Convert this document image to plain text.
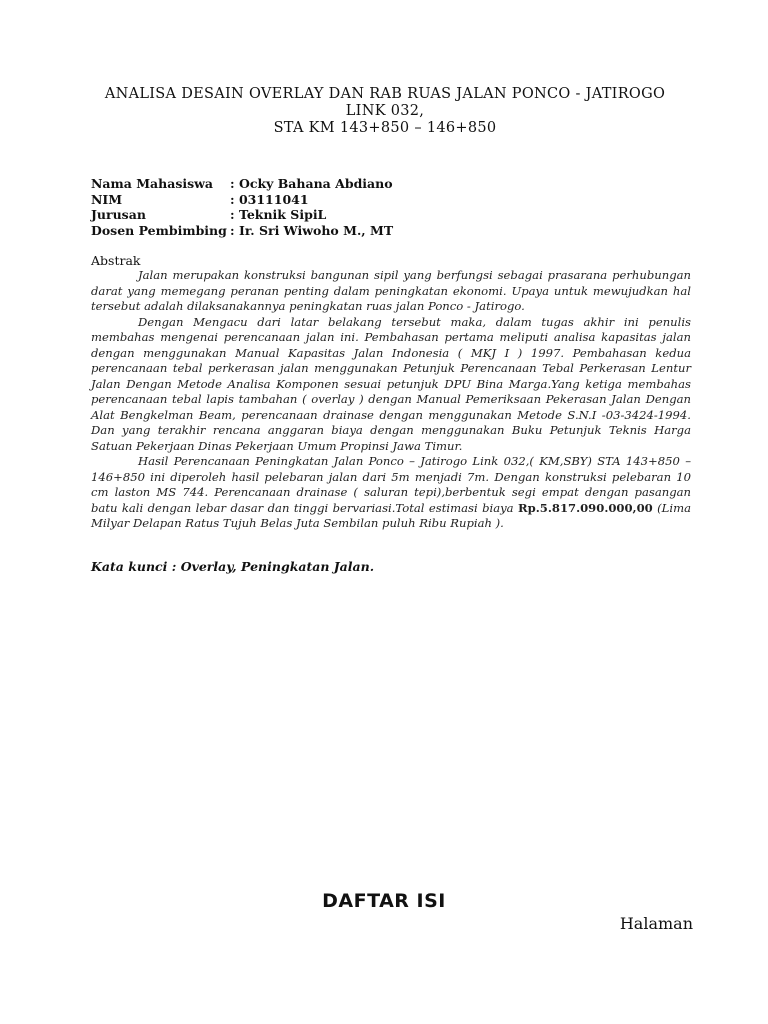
ANALISA DESAIN OVERLAY DAN RAB RUAS JALAN PONCO - JATIROGO
LINK 032,
STA KM 143+850 – 146+850
Nama Mahasiswa	: Ocky Bahana Abdiano
NIM	: 03111041
Jurusan	: Teknik SipiL
Dosen Pembimbing : Ir. Sri Wiwoho M., MT
Abstrak

Jalan merupakan konstruksi bangunan sipil yang berfungsi sebagai prasarana perhubungan darat yang memegang peranan penting dalam peningkatan ekonomi. Upaya untuk mewujudkan hal tersebut adalah dilaksanakannya peningkatan ruas jalan Ponco - Jatirogo.

Dengan Mengacu dari latar belakang tersebut maka, dalam tugas akhir ini penulis membahas mengenai perencanaan jalan ini. Pembahasan pertama meliputi analisa kapasitas jalan dengan menggunakan Manual Kapasitas Jalan Indonesia ( MKJ I ) 1997. Pembahasan kedua perencanaan tebal perkerasan jalan menggunakan Petunjuk Perencanaan Tebal Perkerasan Lentur Jalan Dengan Metode Analisa Komponen sesuai petunjuk DPU Bina Marga.Yang ketiga membahas perencanaan tebal lapis tambahan ( overlay ) dengan Manual Pemeriksaan Pekerasan Jalan Dengan Alat Bengkelman Beam, perencanaan drainase dengan menggunakan Metode S.N.I -03-3424-1994. Dan yang terakhir rencana anggaran biaya dengan menggunakan Buku Petunjuk Teknis Harga Satuan Pekerjaan Dinas Pekerjaan Umum Propinsi Jawa Timur.

Hasil Perencanaan Peningkatan Jalan Ponco – Jatirogo Link 032,( KM,SBY) STA 143+850 – 146+850 ini diperoleh hasil pelebaran jalan dari 5m menjadi 7m. Dengan konstruksi pelebaran 10 cm laston MS 744. Perencanaan drainase ( saluran tepi),berbentuk segi empat dengan pasangan batu kali dengan lebar dasar dan tinggi bervariasi.Total estimasi biaya Rp.5.817.090.000,00 (Lima Milyar Delapan Ratus Tujuh Belas Juta Sembilan puluh Ribu Rupiah ).

Kata kunci : Overlay, Peningkatan Jalan.
DAFTAR ISI
Halaman
